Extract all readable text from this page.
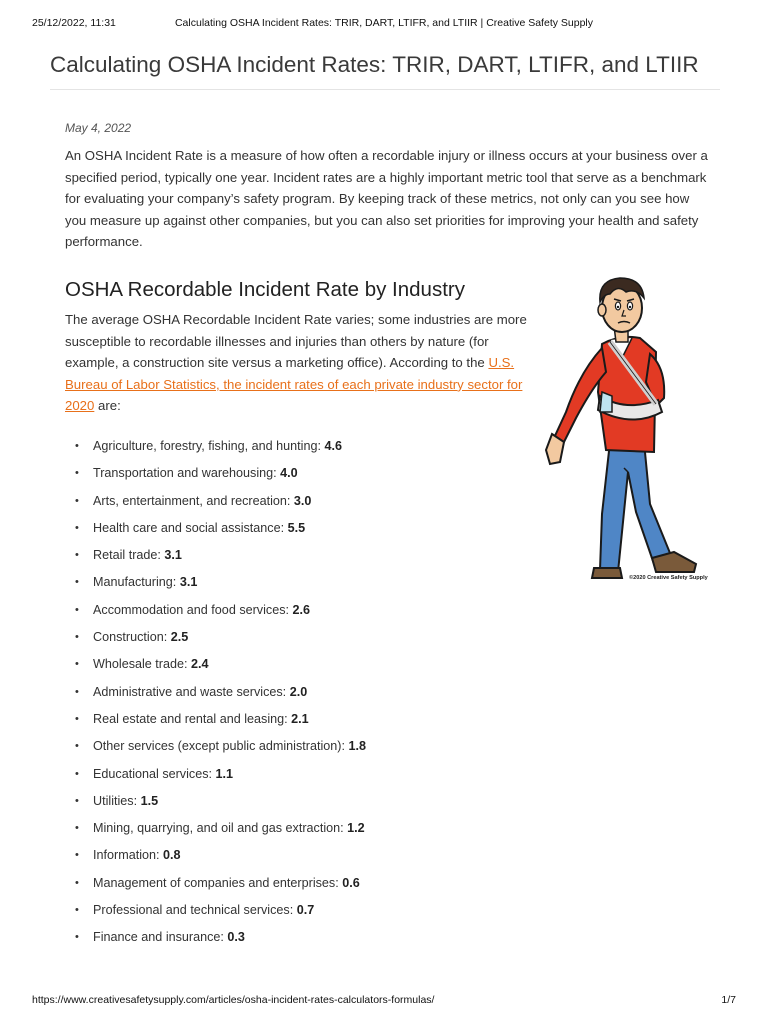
25/12/2022, 11:31	Calculating OSHA Incident Rates: TRIR, DART, LTIFR, and LTIIR | Creative Safety Supply
Calculating OSHA Incident Rates: TRIR, DART, LTIFR, and LTIIR
May 4, 2022

An OSHA Incident Rate is a measure of how often a recordable injury or illness occurs at your business over a specified period, typically one year. Incident rates are a highly important metric tool that serve as a benchmark for evaluating your company’s safety program. By keeping track of these metrics, not only can you see how you measure up against other companies, but you can also set priorities for improving your health and safety performance.

OSHA Recordable Incident Rate by Industry

The average OSHA Recordable Incident Rate varies; some industries are more susceptible to recordable illnesses and injuries than others by nature (for example, a construction site versus a marketing office). According to the U.S. Bureau of Labor Statistics, the incident rates of each private industry sector for 2020 are:

• Agriculture, forestry, fishing, and hunting: 4.6
• Transportation and warehousing: 4.0
• Arts, entertainment, and recreation: 3.0
• Health care and social assistance: 5.5
• Retail trade: 3.1
• Manufacturing: 3.1
• Accommodation and food services: 2.6
• Construction: 2.5
• Wholesale trade: 2.4
• Administrative and waste services: 2.0
• Real estate and rental and leasing: 2.1
• Other services (except public administration): 1.8
• Educational services: 1.1
• Utilities: 1.5
• Mining, quarrying, and oil and gas extraction: 1.2
• Information: 0.8
• Management of companies and enterprises: 0.6
• Professional and technical services: 0.7
• Finance and insurance: 0.3
©2020 Creative Safety Supply
https://www.creativesafetysupply.com/articles/osha-incident-rates-calculators-formulas/	1/7
